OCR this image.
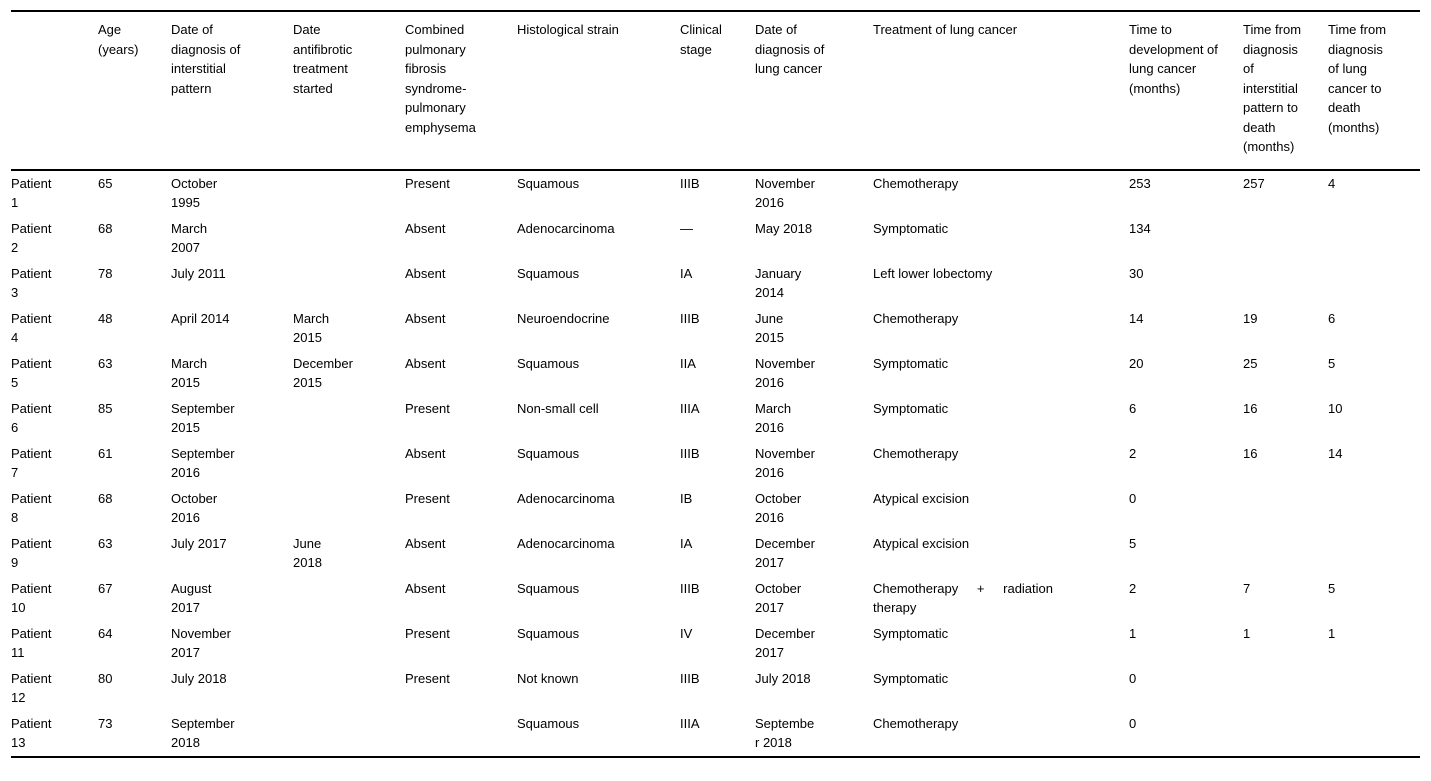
	Age (years)	Date of diagnosis of interstitial pattern	Date antifibrotic treatment started	Combined pulmonary fibrosis syndrome-pulmonary emphysema	Histological strain	Clinical stage	Date of diagnosis of lung cancer	Treatment of lung cancer	Time to development of lung cancer (months)	Time from diagnosis of interstitial pattern to death (months)	Time from diagnosis of lung cancer to death (months)
Patient 1	65	October 1995		Present	Squamous	IIIB	November 2016	Chemotherapy	253	257	4
Patient 2	68	March 2007		Absent	Adenocarcinoma	—	May 2018	Symptomatic	134		
Patient 3	78	July 2011		Absent	Squamous	IA	January 2014	Left lower lobectomy	30		
Patient 4	48	April 2014	March 2015	Absent	Neuroendocrine	IIIB	June 2015	Chemotherapy	14	19	6
Patient 5	63	March 2015	December 2015	Absent	Squamous	IIA	November 2016	Symptomatic	20	25	5
Patient 6	85	September 2015		Present	Non-small cell	IIIA	March 2016	Symptomatic	6	16	10
Patient 7	61	September 2016		Absent	Squamous	IIIB	November 2016	Chemotherapy	2	16	14
Patient 8	68	October 2016		Present	Adenocarcinoma	IB	October 2016	Atypical excision	0		
Patient 9	63	July 2017	June 2018	Absent	Adenocarcinoma	IA	December 2017	Atypical excision	5		
Patient 10	67	August 2017		Absent	Squamous	IIIB	October 2017	Chemotherapy + radiation therapy	2	7	5
Patient 11	64	November 2017		Present	Squamous	IV	December 2017	Symptomatic	1	1	1
Patient 12	80	July 2018		Present	Not known	IIIB	July 2018	Symptomatic	0		
Patient 13	73	September 2018			Squamous	IIIA	September 2018	Chemotherapy	0		
